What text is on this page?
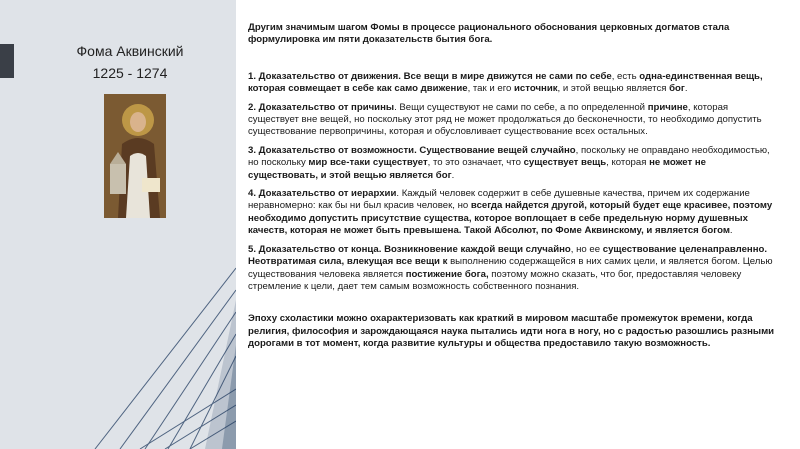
Фома Аквинский
1225 - 1274
Другим значимым шагом Фомы в процессе рационального обоснования церковных догматов стала формулировка им пяти доказательств бытия бога.
1. Доказательство от движения. Все вещи в мире движутся не сами по себе, есть одна-единственная вещь, которая совмещает в себе как само движение, так и его источник, и этой вещью является бог.
2. Доказательство от причины. Вещи существуют не сами по себе, а по определенной причине, которая существует вне вещей, но поскольку этот ряд не может продолжаться до бесконечности, то необходимо допустить существование первопричины, которая и обусловливает существование всех остальных.
3. Доказательство от возможности. Существование вещей случайно, поскольку не оправдано необходимостью, но поскольку мир все-таки существует, то это означает, что существует вещь, которая не может не существовать, и этой вещью является бог.
4. Доказательство от иерархии. Каждый человек содержит в себе душевные качества, причем их содержание неравномерно: как бы ни был красив человек, но всегда найдется другой, который будет еще красивее, поэтому необходимо допустить присутствие существа, которое воплощает в себе предельную норму душевных качеств, которая не может быть превышена. Такой Абсолют, по Фоме Аквинскому, и является богом.
5. Доказательство от конца. Возникновение каждой вещи случайно, но ее существование целенаправленно. Неотвратимая сила, влекущая все вещи к выполнению содержащейся в них самих цели, и является богом. Целью существования человека является постижение бога, поэтому можно сказать, что бог, предоставляя человеку стремление к цели, дает тем самым возможность собственного познания.
Эпоху схоластики можно охарактеризовать как краткий в мировом масштабе промежуток времени, когда религия, философия и зарождающаяся наука пытались идти нога в ногу, но с радостью разошлись разными дорогами в тот момент, когда развитие культуры и общества предоставило такую возможность.
